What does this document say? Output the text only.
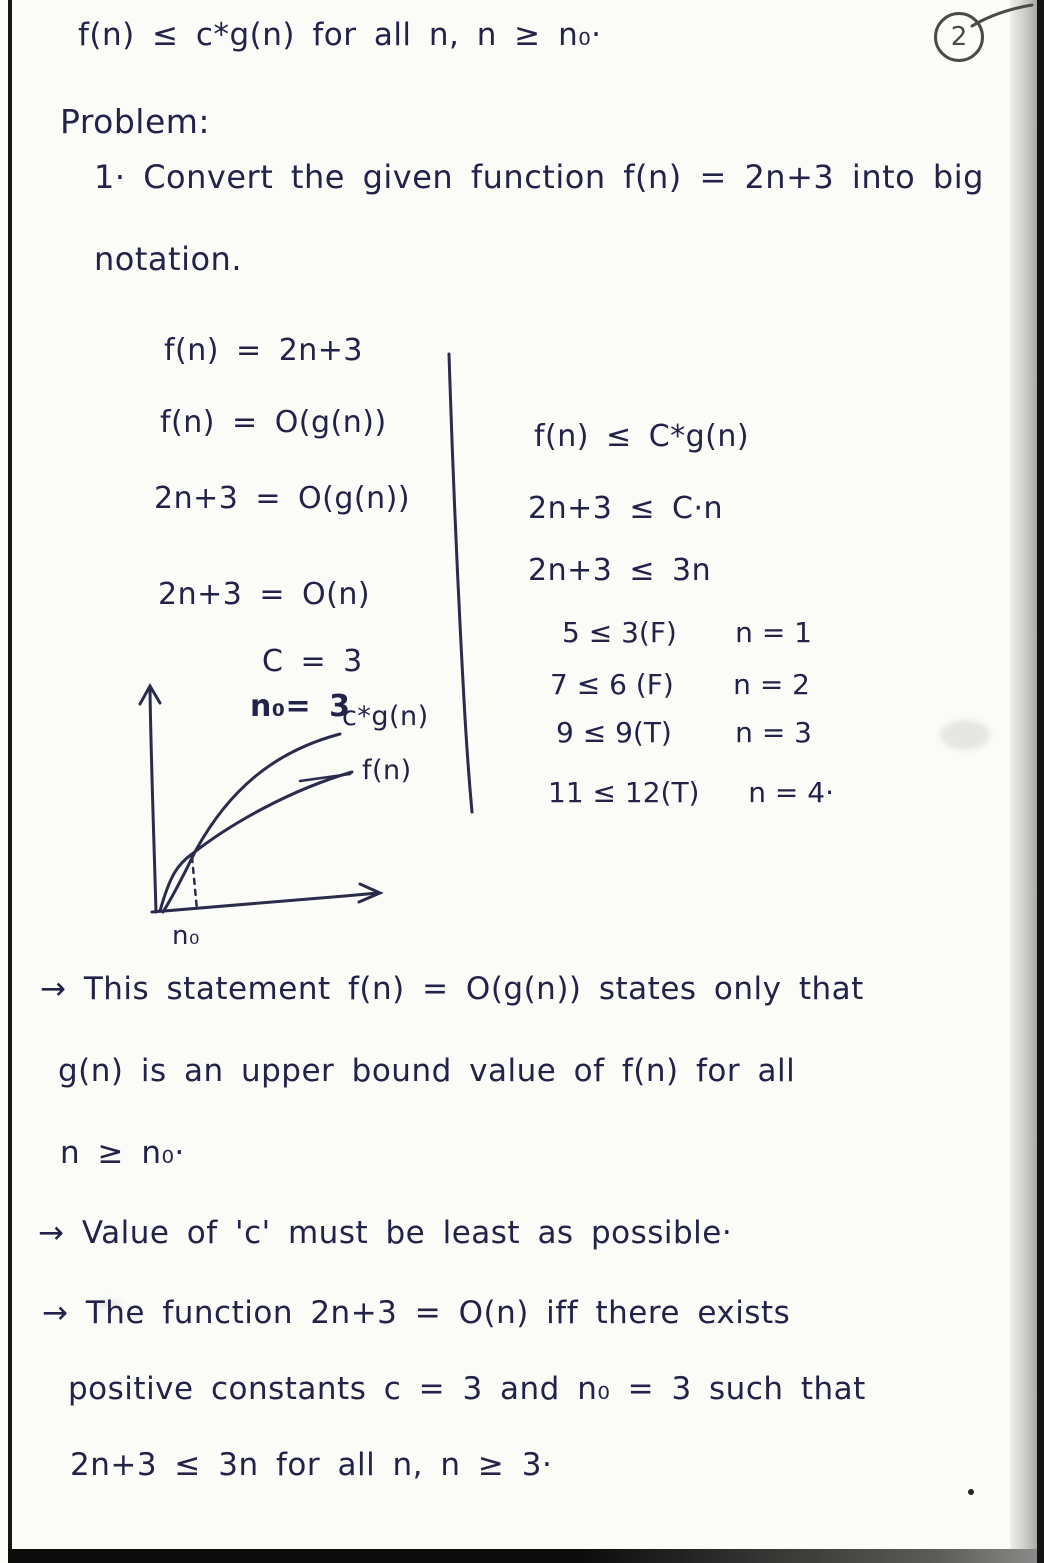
f(n) ≤ c*g(n) for all n, n ≥ n₀·	2
Problem:
1· Convert the given function f(n) = 2n+3 into big
notation.
f(n) = 2n+3
f(n) = O(g(n))
2n+3 = O(g(n))
2n+3 = O(n)
C = 3
n₀= 3
f(n) ≤ C*g(n)
2n+3 ≤ C·n
2n+3 ≤ 3n
5 ≤ 3(F) n = 1
7 ≤ 6 (F) n = 2
9 ≤ 9(T) n = 3
11 ≤ 12(T) n = 4·
c*g(n)
f(n)
n₀
→ This statement f(n) = O(g(n)) states only that
g(n) is an upper bound value of f(n) for all
n ≥ n₀·
→ Value of 'c' must be least as possible·
→ The function 2n+3 = O(n) iff there exists
positive constants c = 3 and n₀ = 3 such that
2n+3 ≤ 3n for all n, n ≥ 3·
